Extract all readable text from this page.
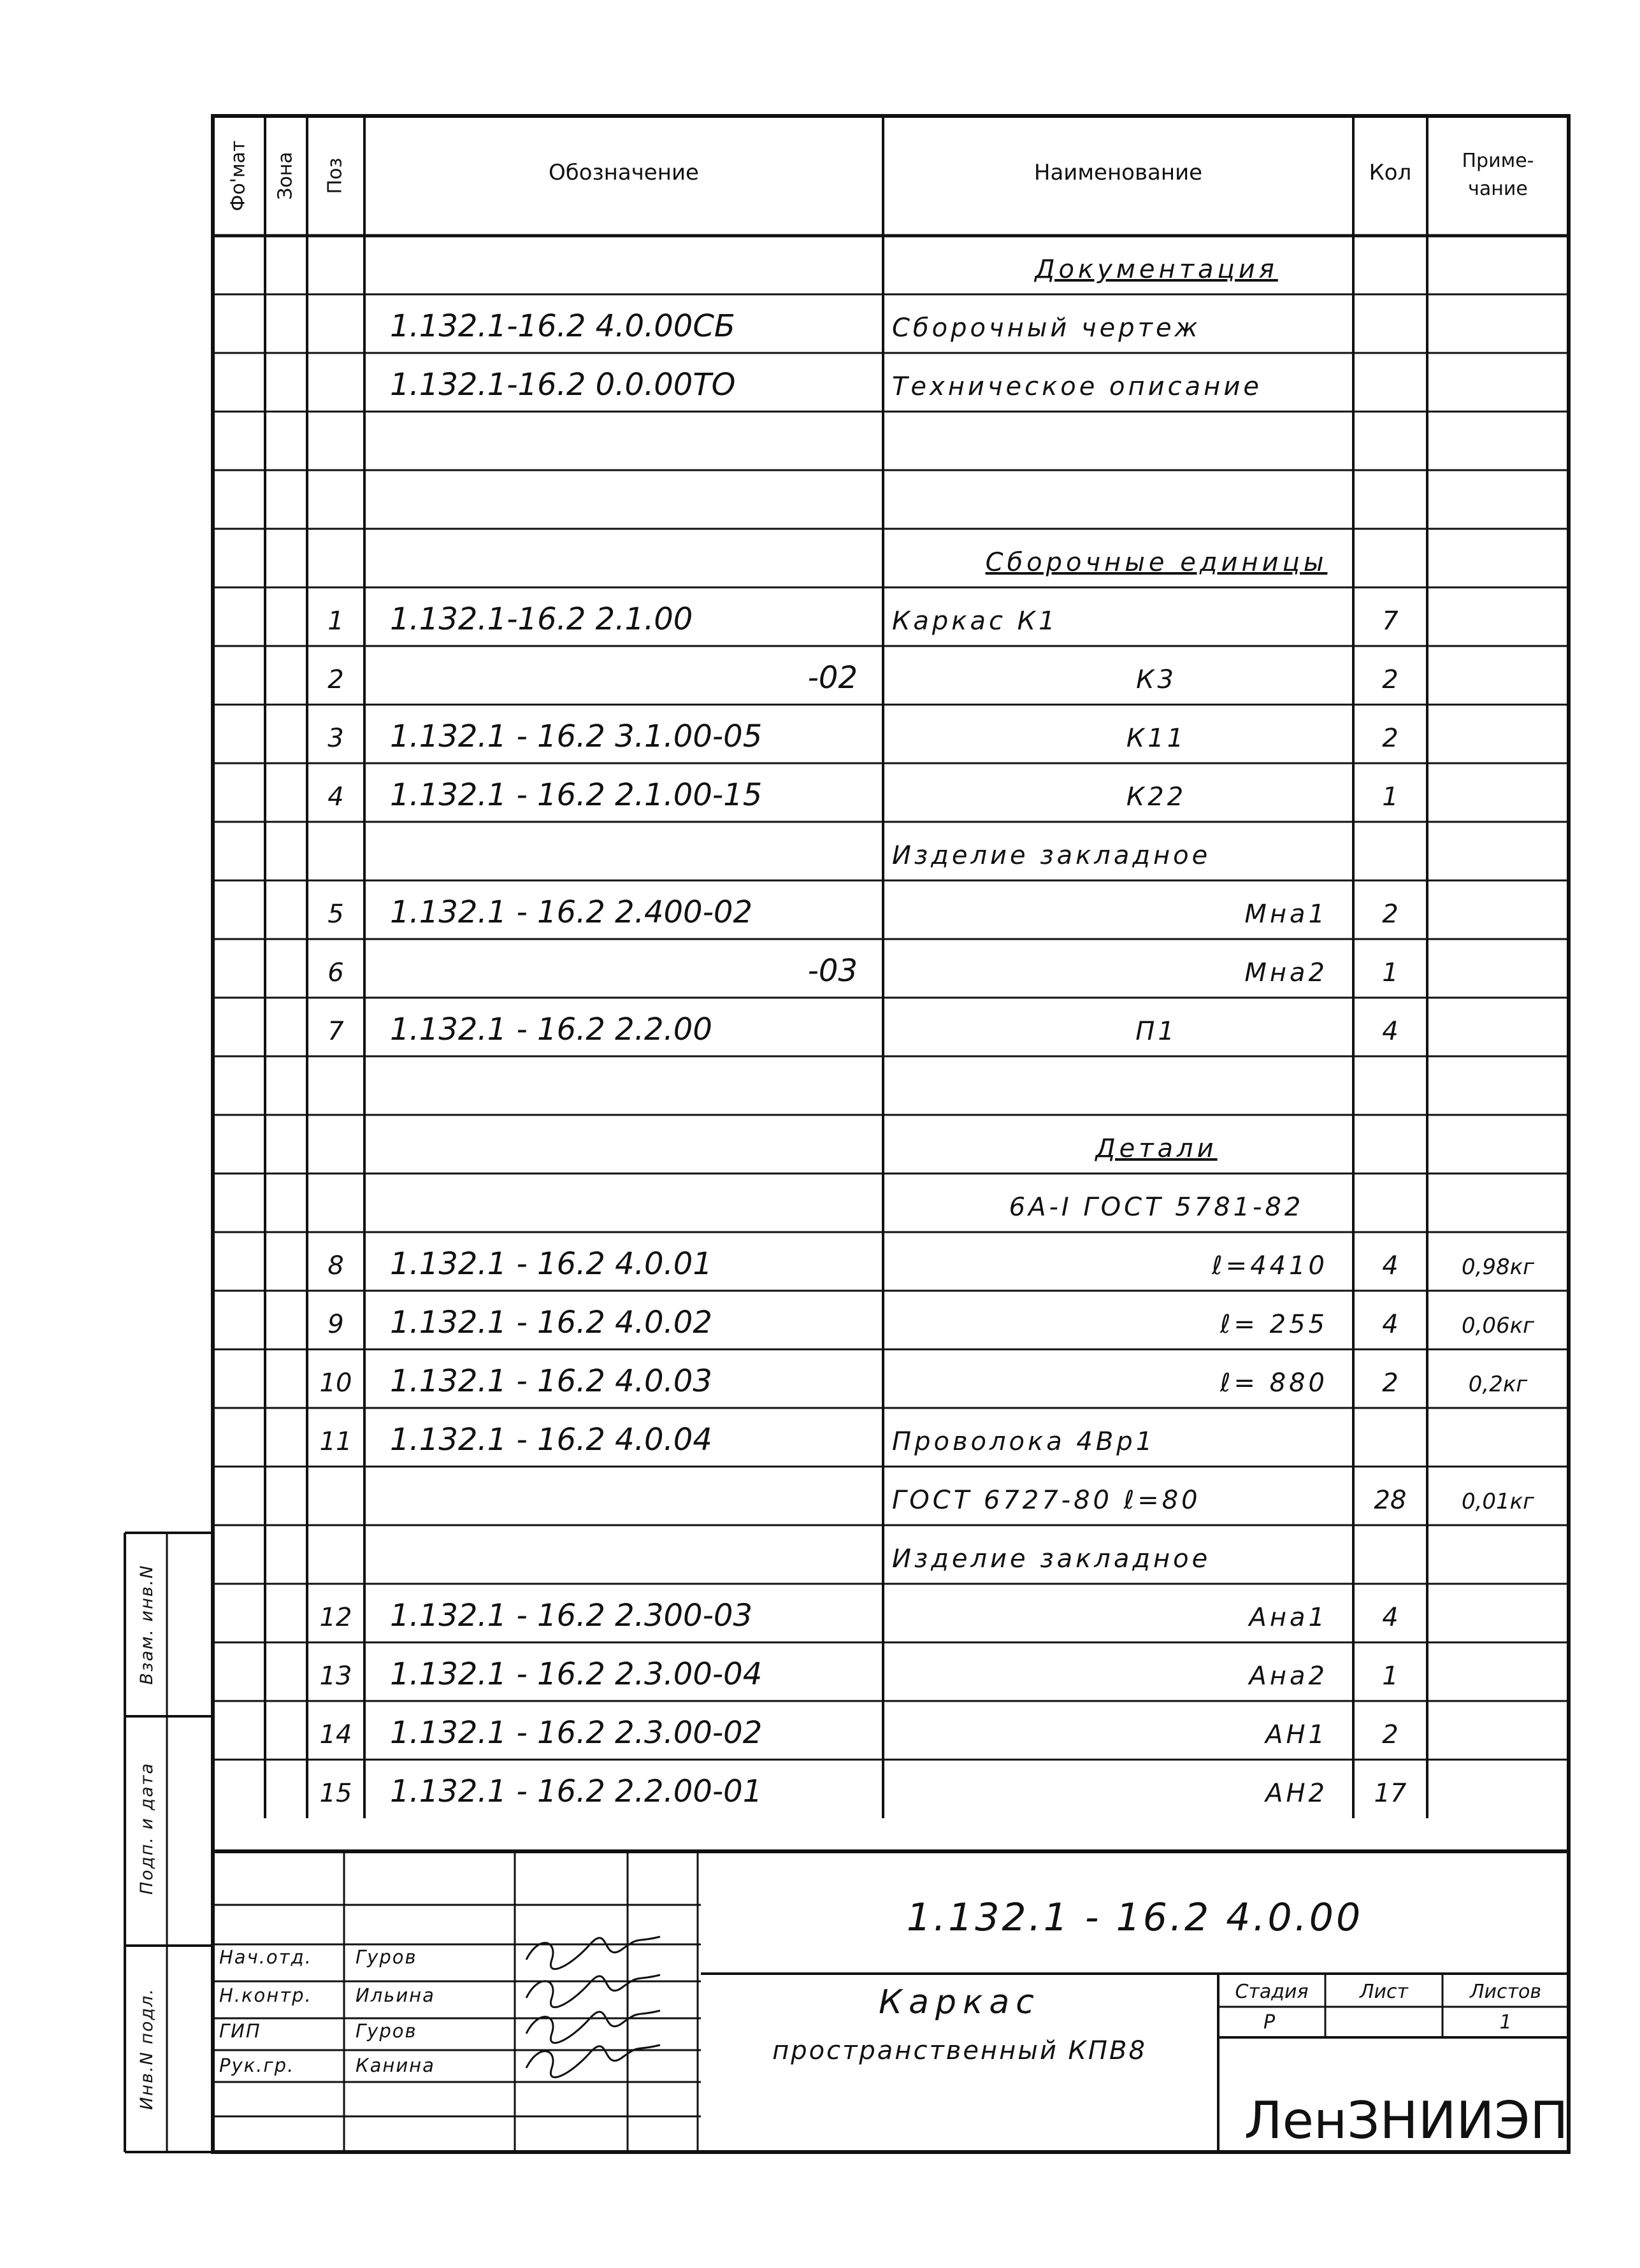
Фо'мат Зона Поз	Обозначение	Наименование	Кол	Приме-
чание
Документация
1.132.1-16.2 4.0.00СБ	Сборочный чертеж
1.132.1-16.2 0.0.00ТО	Техническое описание
Сборочные единицы
1 1.132.1-16.2 2.1.00	Каркас К1	7
2	-02	К3	2
3 1.132.1 - 16.2 3.1.00-05	К11	2
4 1.132.1 - 16.2 2.1.00-15	К22	1
Изделие закладное
5 1.132.1 - 16.2 2.400-02	Мна1 2
6	-03	Мна2 1
7 1.132.1 - 16.2 2.2.00	П1	4
Детали
6А-I ГОСТ 5781-82
8 1.132.1 - 16.2 4.0.01	ℓ=4410 4	0,98кг
9 1.132.1 - 16.2 4.0.02	ℓ= 255 4	0,06кг
10 1.132.1 - 16.2 4.0.03	ℓ= 880 2	0,2кг
11 1.132.1 - 16.2 4.0.04	Проволока 4Вр1
ГОСТ 6727-80 ℓ=80	28	0,01кг
Изделие закладное
12 1.132.1 - 16.2 2.300-03	Ана1 4
13 1.132.1 - 16.2 2.3.00-04	Ана2 1
14 1.132.1 - 16.2 2.3.00-02	АН1 2
15 1.132.1 - 16.2 2.2.00-01	АН2 17
1.132.1 - 16.2 4.0.00
Каркас
пространственный КПВ8
Стадия	Лист	Листов
Р	1
ЛенЗНИИЭП
Нач.отд. Гуров
Н.контр. Ильина
ГИП	Гуров
Рук.гр.	Канина
Взам. инв.N
Подп. и дата
Инв.N подл.
